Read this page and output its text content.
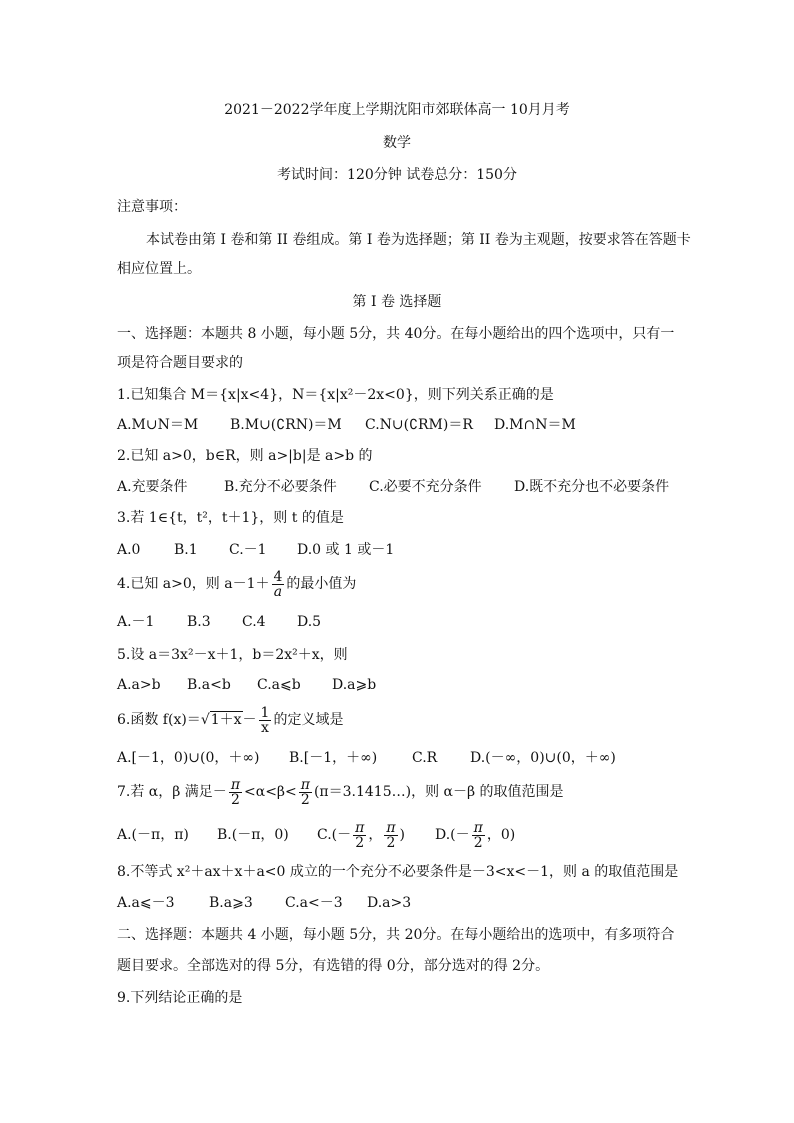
2021－2022学年度上学期沈阳市郊联体高一 10月月考
数学
考试时间：120分钟 试卷总分：150分
注意事项：
本试卷由第 I 卷和第 II 卷组成。第 I 卷为选择题；第 II 卷为主观题，按要求答在答题卡
相应位置上。
第 I 卷 选择题
一、选择题：本题共 8 小题，每小题 5分，共 40分。在每小题给出的四个选项中，只有一
项是符合题目要求的
1.已知集合 M＝{x|x<4}，N＝{x|x²－2x<0}，则下列关系正确的是
A.M∪N＝M B.M∪(∁RN)＝M C.N∪(∁RM)＝R D.M∩N＝M
2.已知 a>0，b∈R，则 a>|b|是 a>b 的
A.充要条件	B.充分不必要条件 C.必要不充分条件 D.既不充分也不必要条件
3.若 1∈{t，t²，t＋1}，则 t 的值是
A.0 B.1 C.－1 D.0 或 1 或－1
4.已知 a>0，则 $a-1+ \frac{4}{a}$ 的最小值为
A.－1 B.3 C.4 D.5
5.设 a＝3x²－x＋1，b＝2x²＋x，则
A.a>b B.a<b C.a⩽b D.a⩾b
6.函数 $f(x)=√1+x- \frac{1}{x}$ 的定义域是
A.[－1，0)∪(0，＋∞) B.[－1，＋∞) C.R D.(－∞，0)∪(0，＋∞)
7.若 α，β 满足－ $\frac{\pi}{2} <\alpha<\beta< \frac{\pi}{2}$ (π＝3.1415…)，则 α－β 的取值范围是
A.(－π，π) B.(－π，0) $C.(- \frac{\pi}{2}$ ， $\frac{\pi}{2}$ ) $D.(- \frac{\pi}{2}$ ，0)
8.不等式 x²＋ax＋x＋a<0 成立的一个充分不必要条件是－3<x<－1，则 a 的取值范围是
A.a⩽－3 B.a⩾3 C.a<－3 D.a>3
二、选择题：本题共 4 小题，每小题 5分，共 20分。在每小题给出的选项中，有多项符合
题目要求。全部选对的得 5分，有选错的得 0分，部分选对的得 2分。
9.下列结论正确的是
